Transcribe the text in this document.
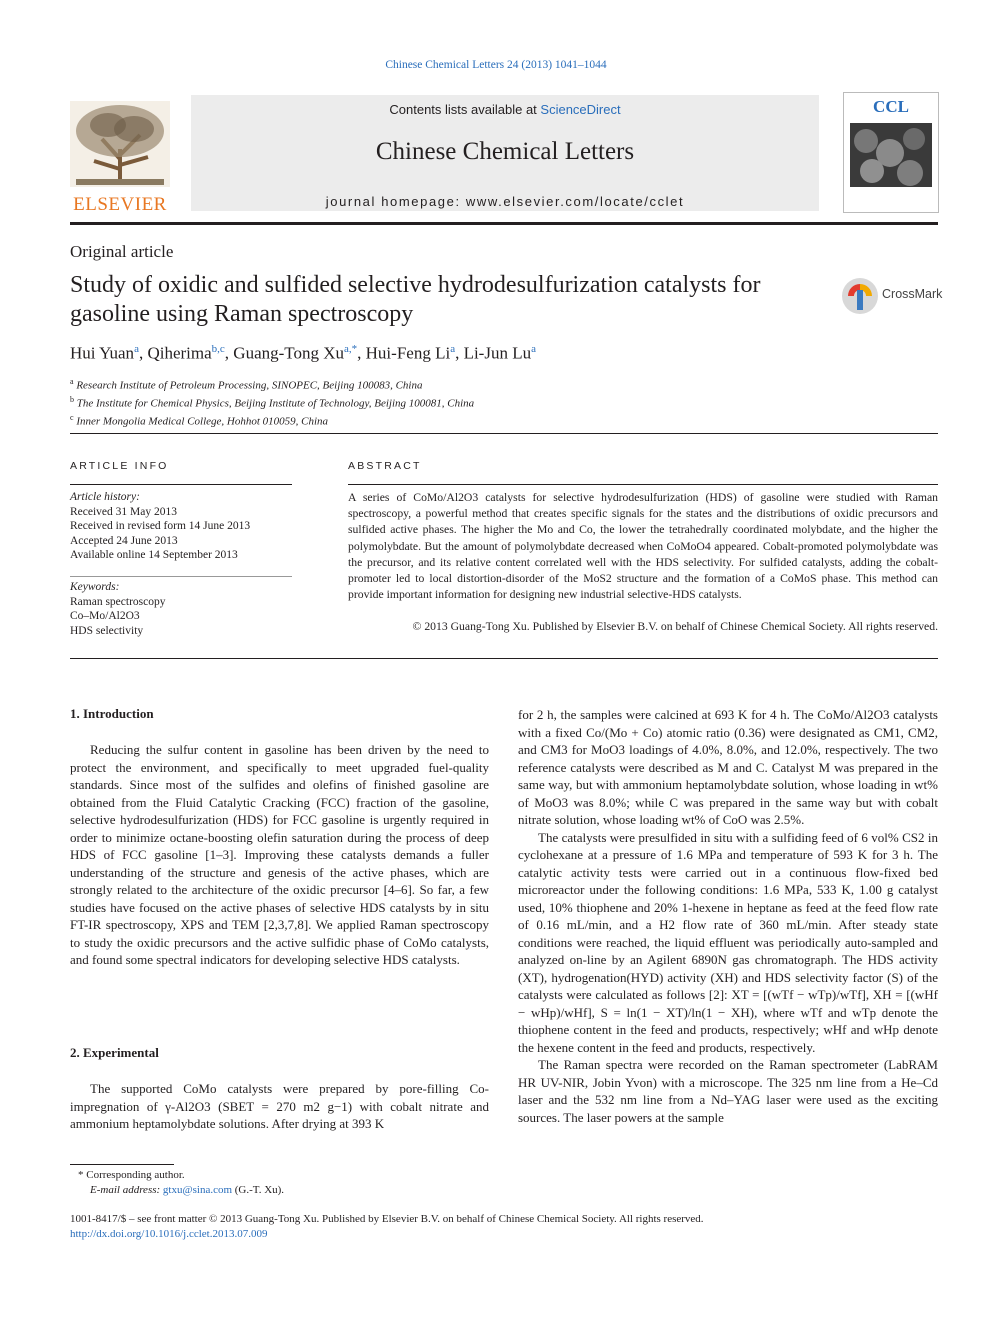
Chinese Chemical Letters 24 (2013) 1041–1044
ELSEVIER
Contents lists available at ScienceDirect
Chinese Chemical Letters
journal homepage: www.elsevier.com/locate/cclet
CCL
Original article
Study of oxidic and sulfided selective hydrodesulfurization catalysts for gasoline using Raman spectroscopy
CrossMark
Hui Yuan$^a$, Qiherima$^{b,c}$, Guang-Tong $Xu^{a,*}$, Hui-Feng Li$^a$, Li-Jun Lu$^a$
$^a$ Research Institute of Petroleum Processing, SINOPEC, Beijing 100083, China
$^b$ The Institute for Chemical Physics, Beijing Institute of Technology, Beijing 100081, China
$^c$ Inner Mongolia Medical College, Hohhot 010059, China
ARTICLE INFO	ABSTRACT
Article history:
Received 31 May 2013
Received in revised form 14 June 2013
Accepted 24 June 2013
Available online 14 September 2013
Keywords:
Raman spectroscopy
Co–Mo/Al2O3
HDS selectivity
A series of CoMo/Al2O3 catalysts for selective hydrodesulfurization (HDS) of gasoline were studied with Raman spectroscopy, a powerful method that creates specific signals for the states and the distributions of oxidic precursors and sulfided active phases. The higher the Mo and Co, the lower the tetrahedrally coordinated molybdate, and the higher the polymolybdate. But the amount of polymolybdate decreased when CoMoO4 appeared. Cobalt-promoted polymolybdate was the precursor, and its relative content correlated well with the HDS selectivity. For sulfided catalysts, adding the cobalt-promoter led to local distortion-disorder of the MoS2 structure and the formation of a CoMoS phase. This method can provide important information for designing new industrial selective-HDS catalysts.
© 2013 Guang-Tong Xu. Published by Elsevier B.V. on behalf of Chinese Chemical Society. All rights reserved.
1. Introduction
Reducing the sulfur content in gasoline has been driven by the need to protect the environment, and specifically to meet upgraded fuel-quality standards. Since most of the sulfides and olefins of finished gasoline are obtained from the Fluid Catalytic Cracking (FCC) fraction of the gasoline, selective hydrodesulfurization (HDS) for FCC gasoline is urgently required in order to minimize octane-boosting olefin saturation during the process of deep HDS of FCC gasoline [1–3]. Improving these catalysts demands a fuller understanding of the structure and genesis of the active phases, which are strongly related to the architecture of the oxidic precursor [4–6]. So far, a few studies have focused on the active phases of selective HDS catalysts by in situ FT-IR spectroscopy, XPS and TEM [2,3,7,8]. We applied Raman spectroscopy to study the oxidic precursors and the active sulfidic phase of CoMo catalysts, and found some spectral indicators for developing selective HDS catalysts.
2. Experimental
The supported CoMo catalysts were prepared by pore-filling Co-impregnation of γ-Al2O3 (SBET = 270 m2 g−1) with cobalt nitrate and ammonium heptamolybdate solutions. After drying at 393 K

for 2 h, the samples were calcined at 693 K for 4 h. The CoMo/Al2O3 catalysts with a fixed Co/(Mo + Co) atomic ratio (0.36) were designated as CM1, CM2, and CM3 for MoO3 loadings of 4.0%, 8.0%, and 12.0%, respectively. The two reference catalysts were described as M and C. Catalyst M was prepared in the same way, but with ammonium heptamolybdate solution, whose loading in wt% of MoO3 was 8.0%; while C was prepared in the same way but with cobalt nitrate solution, whose loading wt% of CoO was 2.5%.

The catalysts were presulfided in situ with a sulfiding feed of 6 vol% CS2 in cyclohexane at a pressure of 1.6 MPa and temperature of 593 K for 3 h. The catalytic activity tests were carried out in a continuous flow-fixed bed microreactor under the following conditions: 1.6 MPa, 533 K, 1.00 g catalyst used, 10% thiophene and 20% 1-hexene in heptane as feed at the feed flow rate of 0.16 mL/min, and a H2 flow rate of 360 mL/min. After steady state conditions were reached, the liquid effluent was periodically auto-sampled and analyzed on-line by an Agilent 6890N gas chromatograph. The HDS activity (XT), hydrogenation(HYD) activity (XH) and HDS selectivity factor (S) of the catalysts were calculated as follows [2]: XT = [(wTf − wTp)/wTf], XH = [(wHf − wHp)/wHf], S = ln(1 − XT)/ln(1 − XH), where wTf and wTp denote the thiophene content in the feed and products, respectively; wHf and wHp denote the hexene content in the feed and products, respectively.

The Raman spectra were recorded on the Raman spectrometer (LabRAM HR UV-NIR, Jobin Yvon) with a microscope. The 325 nm line from a He–Cd laser and the 532 nm line from a Nd–YAG laser were used as the exciting sources. The laser powers at the sample

* Corresponding author.
E-mail address: gtxu@sina.com (G.-T. Xu).
1001-8417/$ – see front matter © 2013 Guang-Tong Xu. Published by Elsevier B.V. on behalf of Chinese Chemical Society. All rights reserved.
http://dx.doi.org/10.1016/j.cclet.2013.07.009
